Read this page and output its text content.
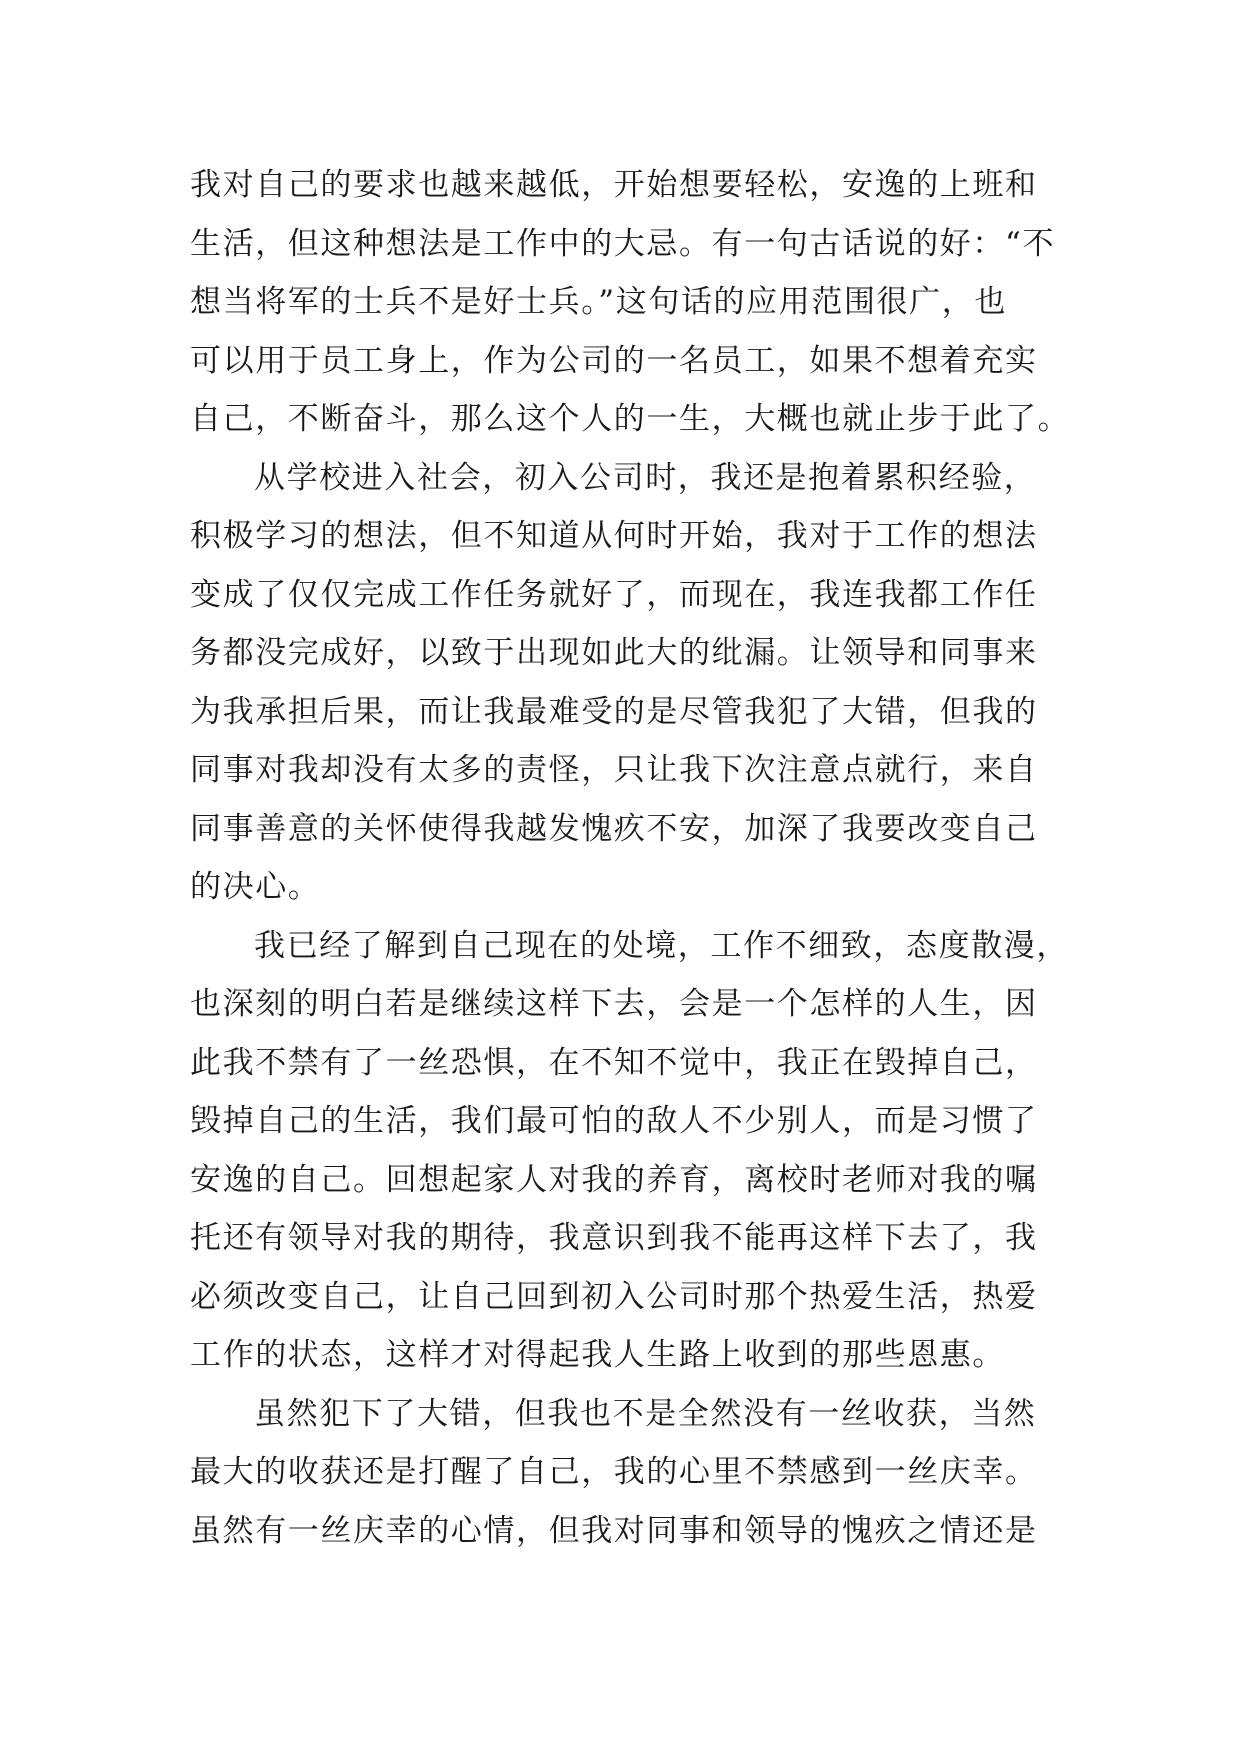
我对自己的要求也越来越低，开始想要轻松，安逸的上班和
生活，但这种想法是工作中的大忌。有一句古话说的好：“不
想当将军的士兵不是好士兵。”这句话的应用范围很广，也
可以用于员工身上，作为公司的一名员工，如果不想着充实
自己，不断奋斗，那么这个人的一生，大概也就止步于此了。
从学校进入社会，初入公司时，我还是抱着累积经验，
积极学习的想法，但不知道从何时开始，我对于工作的想法
变成了仅仅完成工作任务就好了，而现在，我连我都工作任
务都没完成好，以致于出现如此大的纰漏。让领导和同事来
为我承担后果，而让我最难受的是尽管我犯了大错，但我的
同事对我却没有太多的责怪，只让我下次注意点就行，来自
同事善意的关怀使得我越发愧疚不安，加深了我要改变自己
的决心。
我已经了解到自己现在的处境，工作不细致，态度散漫，
也深刻的明白若是继续这样下去，会是一个怎样的人生，因
此我不禁有了一丝恐惧，在不知不觉中，我正在毁掉自己，
毁掉自己的生活，我们最可怕的敌人不少别人，而是习惯了
安逸的自己。回想起家人对我的养育，离校时老师对我的嘱
托还有领导对我的期待，我意识到我不能再这样下去了，我
必须改变自己，让自己回到初入公司时那个热爱生活，热爱
工作的状态，这样才对得起我人生路上收到的那些恩惠。
虽然犯下了大错，但我也不是全然没有一丝收获，当然
最大的收获还是打醒了自己，我的心里不禁感到一丝庆幸。
虽然有一丝庆幸的心情，但我对同事和领导的愧疚之情还是
